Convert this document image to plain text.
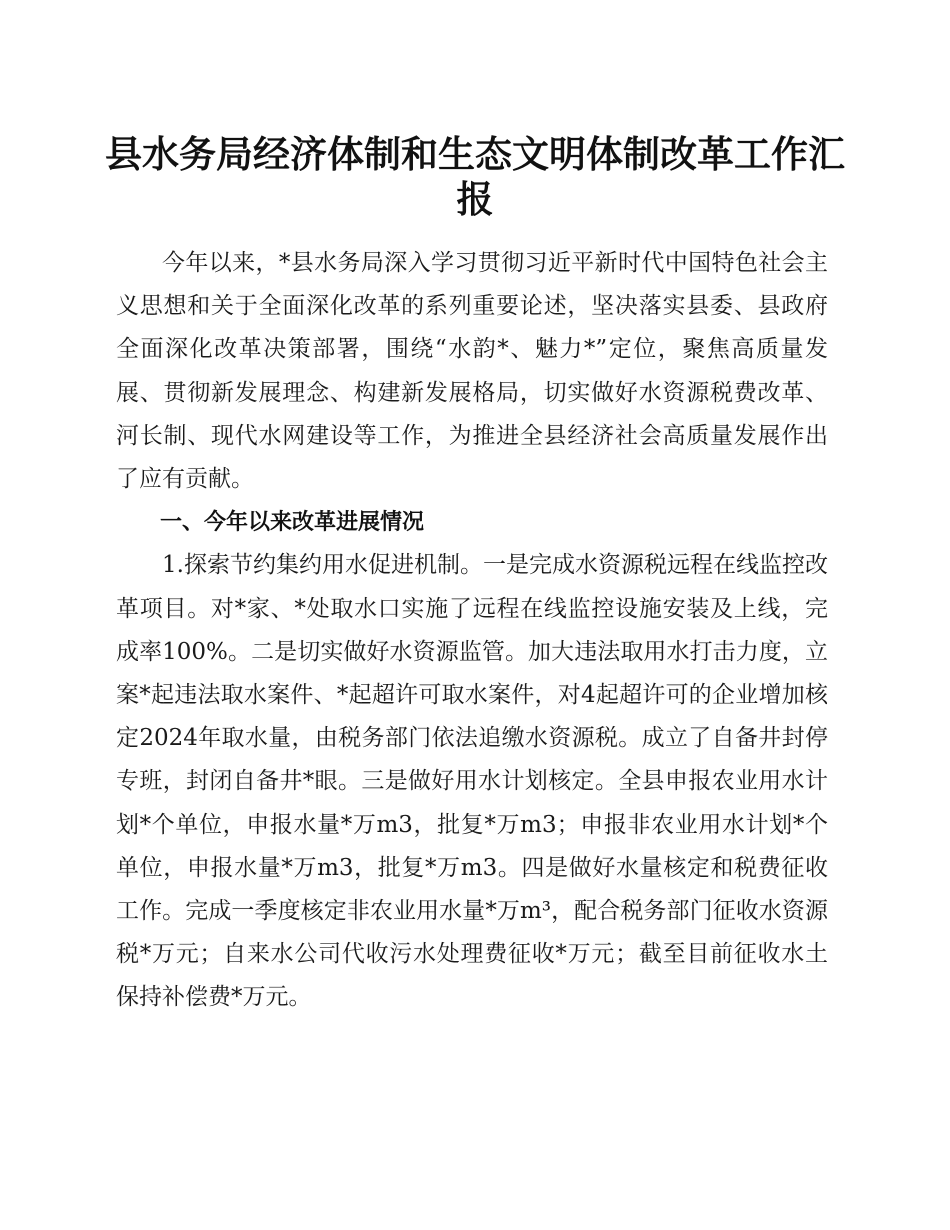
县水务局经济体制和生态文明体制改革工作汇报

今年以来，*县水务局深入学习贯彻习近平新时代中国特色社会主义思想和关于全面深化改革的系列重要论述，坚决落实县委、县政府全面深化改革决策部署，围绕“水韵*、魅力*”定位，聚焦高质量发展、贯彻新发展理念、构建新发展格局，切实做好水资源税费改革、河长制、现代水网建设等工作，为推进全县经济社会高质量发展作出了应有贡献。

一、今年以来改革进展情况

1.探索节约集约用水促进机制。一是完成水资源税远程在线监控改革项目。对*家、*处取水口实施了远程在线监控设施安装及上线，完成率100%。二是切实做好水资源监管。加大违法取用水打击力度，立案*起违法取水案件、*起超许可取水案件，对4起超许可的企业增加核定2024年取水量，由税务部门依法追缴水资源税。成立了自备井封停专班，封闭自备井*眼。三是做好用水计划核定。全县申报农业用水计划*个单位，申报水量*万m3，批复*万m3；申报非农业用水计划*个单位，申报水量*万m3，批复*万m3。四是做好水量核定和税费征收工作。完成一季度核定非农业用水量*万m³，配合税务部门征收水资源税*万元；自来水公司代收污水处理费征收*万元；截至目前征收水土保持补偿费*万元。
